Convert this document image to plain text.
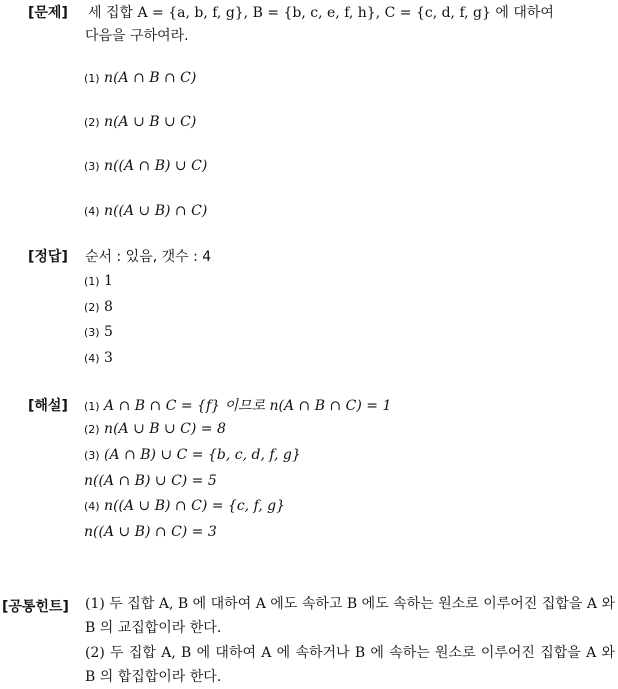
[문제] 세 집합 A = {a, b, f, g}, B = {b, c, e, f, h}, C = {c, d, f, g} 에 대하여
다음을 구하여라.
(1) n(A ∩ B ∩ C)
(2) n(A ∪ B ∪ C)
(3) n((A ∩ B) ∪ C)
(4) n((A ∪ B) ∩ C)
[정답] 순서 : 있음, 갯수 : 4
(1) 1
(2) 8
(3) 5
(4) 3
[해설] (1) A ∩ B ∩ C = {f} 이므로 n(A ∩ B ∩ C) = 1
(2) n(A ∪ B ∪ C) = 8
(3) (A ∩ B) ∪ C = {b, c, d, f, g}
n((A ∩ B) ∪ C) = 5
(4) n((A ∪ B) ∩ C) = {c, f, g}
n((A ∪ B) ∩ C) = 3
[공통힌트] (1) 두 집합 A, B 에 대하여 A 에도 속하고 B 에도 속하는 원소로 이루어진 집합을 A 와 B 의 교집합이라 한다.
(2) 두 집합 A, B 에 대하여 A 에 속하거나 B 에 속하는 원소로 이루어진 집합을 A 와 B 의 합집합이라 한다.
